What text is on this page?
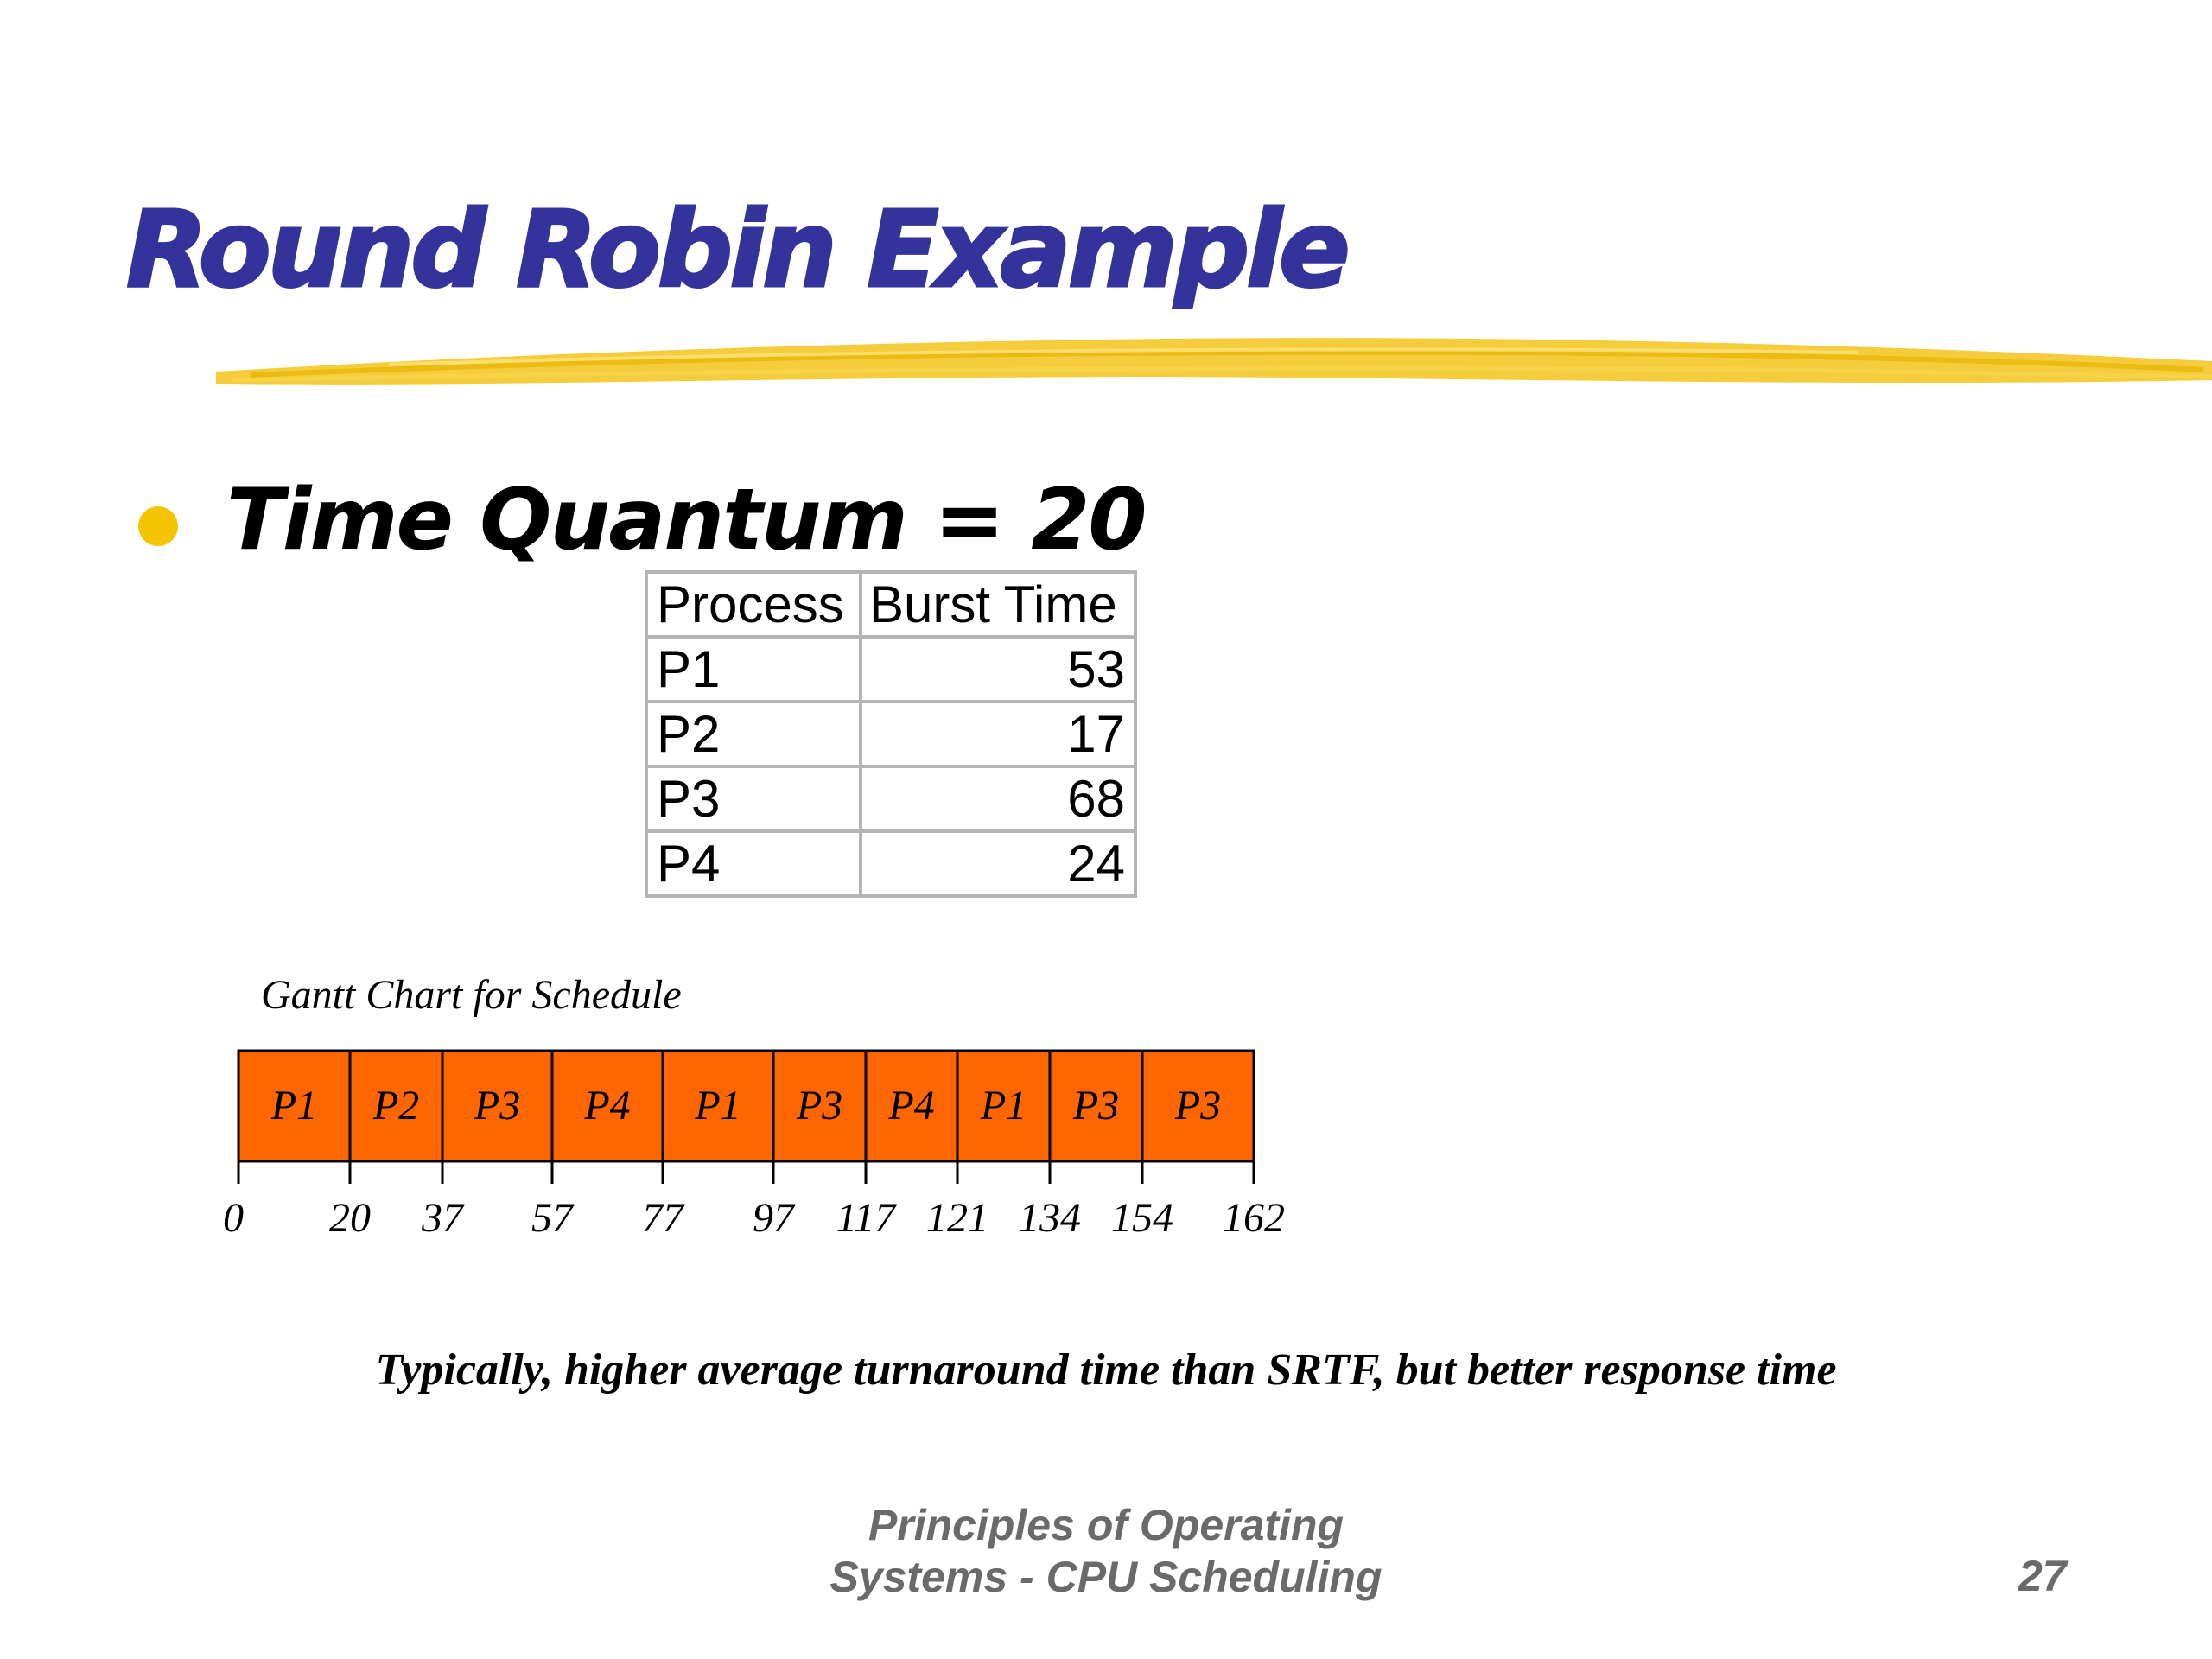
Round Robin Example

Time Quantum = 20

Process	Burst Time
P1	53
P2	17
P3	68
P4	24

Gantt Chart for Schedule

P1 P2 P3 P4 P1 P3 P4 P1 P3 P3
0 20 37 57 77 97 117 121 134 154 162

Typically, higher average turnaround time than SRTF, but better response time

Principles of Operating
Systems - CPU Scheduling	27
